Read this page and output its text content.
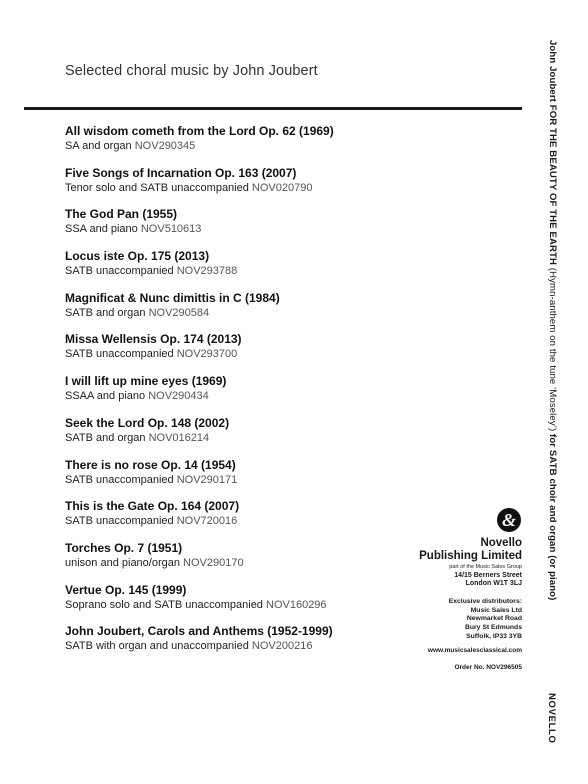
Selected choral music by John Joubert
All wisdom cometh from the Lord Op. 62 (1969)
SA and organ NOV290345
Five Songs of Incarnation Op. 163 (2007)
Tenor solo and SATB unaccompanied NOV020790
The God Pan (1955)
SSA and piano NOV510613
Locus iste Op. 175 (2013)
SATB unaccompanied NOV293788
Magnificat & Nunc dimittis in C (1984)
SATB and organ NOV290584
Missa Wellensis Op. 174 (2013)
SATB unaccompanied NOV293700
I will lift up mine eyes (1969)
SSAA and piano NOV290434
Seek the Lord Op. 148 (2002)
SATB and organ NOV016214
There is no rose Op. 14 (1954)
SATB unaccompanied NOV290171
This is the Gate Op. 164 (2007)
SATB unaccompanied NOV720016
Torches Op. 7 (1951)
unison and piano/organ NOV290170
Vertue Op. 145 (1999)
Soprano solo and SATB unaccompanied NOV160296
John Joubert, Carols and Anthems (1952-1999)
SATB with organ and unaccompanied NOV200216
&
Novello
Publishing Limited
part of the Music Sales Group
14/15 Berners Street
London W1T 3LJ
Exclusive distributors:
Music Sales Ltd
Newmarket Road
Bury St Edmunds
Suffolk, IP33 3YB
www.musicsalesclassical.com
Order No. NOV296505
John Joubert FOR THE BEAUTY OF THE EARTH (Hymn-anthem on the tune ‘Moseley’) for SATB choir and organ (or piano)
NOVELLO
